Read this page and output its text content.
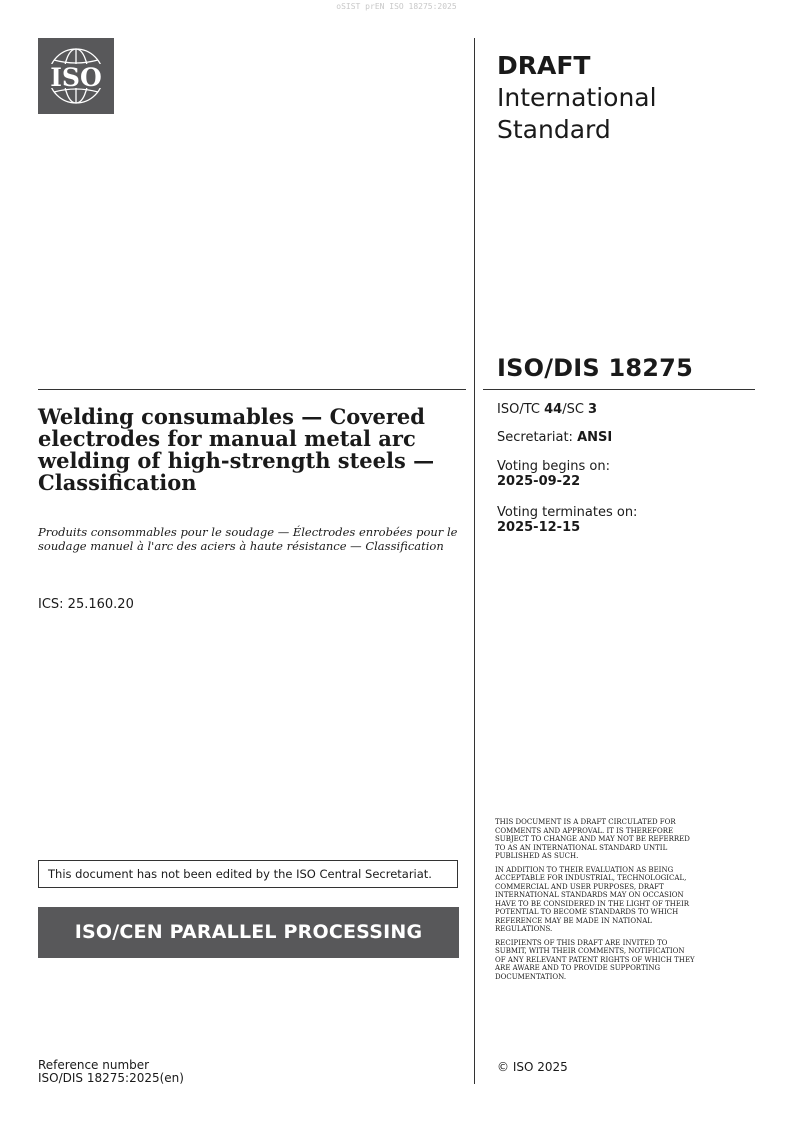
oSIST prEN ISO 18275:2025
ISO	DRAFT
International
Standard
ISO/DIS 18275
ISO/TC 44/SC 3
Secretariat: ANSI
Voting begins on:
2025-09-22
Voting terminates on:
2025-12-15
Welding consumables — Covered electrodes for manual metal arc welding of high-strength steels — Classification
Produits consommables pour le soudage — Électrodes enrobées pour le soudage manuel à l'arc des aciers à haute résistance — Classification
ICS: 25.160.20
This document has not been edited by the ISO Central Secretariat.
ISO/CEN PARALLEL PROCESSING

THIS DOCUMENT IS A DRAFT CIRCULATED FOR COMMENTS AND APPROVAL. IT IS THEREFORE SUBJECT TO CHANGE AND MAY NOT BE REFERRED TO AS AN INTERNATIONAL STANDARD UNTIL PUBLISHED AS SUCH.

IN ADDITION TO THEIR EVALUATION AS BEING ACCEPTABLE FOR INDUSTRIAL, TECHNOLOGICAL, COMMERCIAL AND USER PURPOSES, DRAFT INTERNATIONAL STANDARDS MAY ON OCCASION HAVE TO BE CONSIDERED IN THE LIGHT OF THEIR POTENTIAL TO BECOME STANDARDS TO WHICH REFERENCE MAY BE MADE IN NATIONAL REGULATIONS.

RECIPIENTS OF THIS DRAFT ARE INVITED TO SUBMIT, WITH THEIR COMMENTS, NOTIFICATION OF ANY RELEVANT PATENT RIGHTS OF WHICH THEY ARE AWARE AND TO PROVIDE SUPPORTING DOCUMENTATION.

Reference number
ISO/DIS 18275:2025(en)
© ISO 2025
